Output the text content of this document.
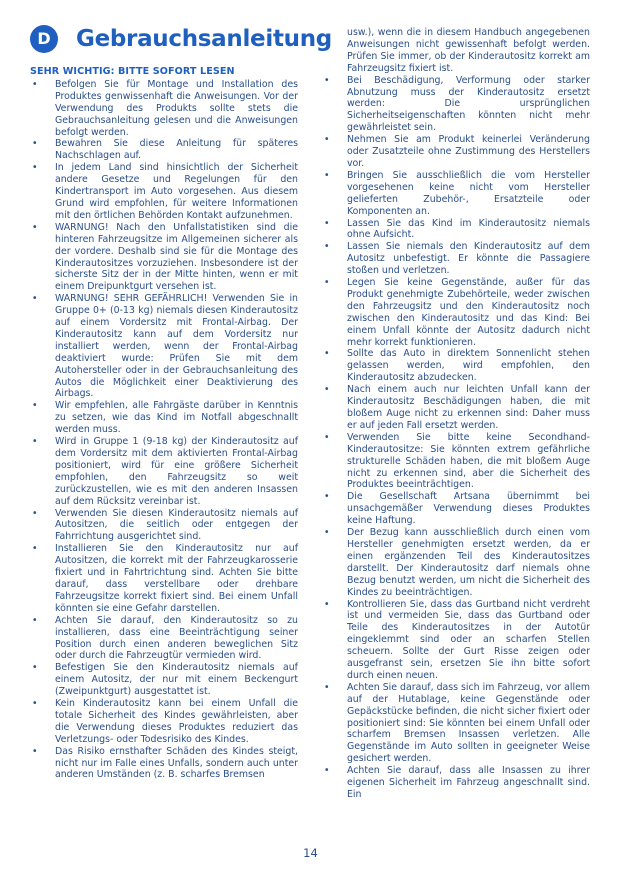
D	Gebrauchsanleitung
SEHR WICHTIG: BITTE SOFORT LESEN
• Befolgen Sie für Montage und Installation des Produktes genwissenhaft die Anweisungen. Vor der Verwendung des Produkts sollte stets die Gebrauchsanleitung gelesen und die Anweisungen befolgt werden.
• Bewahren Sie diese Anleitung für späteres Nachschlagen auf.
• In jedem Land sind hinsichtlich der Sicherheit andere Gesetze und Regelungen für den Kindertransport im Auto vorgesehen. Aus diesem Grund wird empfohlen, für weitere Informationen mit den örtlichen Behörden Kontakt aufzunehmen.
• WARNUNG! Nach den Unfallstatistiken sind die hinteren Fahrzeugsitze im Allgemeinen sicherer als der vordere. Deshalb sind sie für die Montage des Kinderautositzes vorzuziehen. Insbesondere ist der sicherste Sitz der in der Mitte hinten, wenn er mit einem Dreipunktgurt versehen ist.
• WARNUNG! SEHR GEFÄHRLICH! Verwenden Sie in Gruppe 0+ (0-13 kg) niemals diesen Kinderautositz auf einem Vordersitz mit Frontal-Airbag. Der Kinderautositz kann auf dem Vordersitz nur installiert werden, wenn der Frontal-Airbag deaktiviert wurde: Prüfen Sie mit dem Autohersteller oder in der Gebrauchsanleitung des Autos die Möglichkeit einer Deaktivierung des Airbags.
• Wir empfehlen, alle Fahrgäste darüber in Kenntnis zu setzen, wie das Kind im Notfall abgeschnallt werden muss.
• Wird in Gruppe 1 (9-18 kg) der Kinderautositz auf dem Vordersitz mit dem aktivierten Frontal-Airbag positioniert, wird für eine größere Sicherheit empfohlen, den Fahrzeugsitz so weit zurückzustellen, wie es mit den anderen Insassen auf dem Rücksitz vereinbar ist.
• Verwenden Sie diesen Kinderautositz niemals auf Autositzen, die seitlich oder entgegen der Fahrrichtung ausgerichtet sind.
• Installieren Sie den Kinderautositz nur auf Autositzen, die korrekt mit der Fahrzeugkarosserie fixiert und in Fahrtrichtung sind. Achten Sie bitte darauf, dass verstellbare oder drehbare Fahrzeugsitze korrekt fixiert sind. Bei einem Unfall könnten sie eine Gefahr darstellen.
• Achten Sie darauf, den Kinderautositz so zu installieren, dass eine Beeinträchtigung seiner Position durch einen anderen beweglichen Sitz oder durch die Fahrzeugtür vermieden wird.
• Befestigen Sie den Kinderautositz niemals auf einem Autositz, der nur mit einem Beckengurt (Zweipunktgurt) ausgestattet ist.
• Kein Kinderautositz kann bei einem Unfall die totale Sicherheit des Kindes gewährleisten, aber die Verwendung dieses Produktes reduziert das Verletzungs- oder Todesrisiko des Kindes.
• Das Risiko ernsthafter Schäden des Kindes steigt, nicht nur im Falle eines Unfalls, sondern auch unter anderen Umständen (z. B. scharfes Bremsen
usw.), wenn die in diesem Handbuch angegebenen Anweisungen nicht gewissenhaft befolgt werden. Prüfen Sie immer, ob der Kinderautositz korrekt am Fahrzeugsitz fixiert ist.
• Bei Beschädigung, Verformung oder starker Abnutzung muss der Kinderautositz ersetzt werden: Die ursprünglichen Sicherheitseigenschaften könnten nicht mehr gewährleistet sein.
• Nehmen Sie am Produkt keinerlei Veränderung oder Zusatzteile ohne Zustimmung des Herstellers vor.
• Bringen Sie ausschließlich die vom Hersteller vorgesehenen keine nicht vom Hersteller gelieferten Zubehör-, Ersatzteile oder Komponenten an.
• Lassen Sie das Kind im Kinderautositz niemals ohne Aufsicht.
• Lassen Sie niemals den Kinderautositz auf dem Autositz unbefestigt. Er könnte die Passagiere stoßen und verletzen.
• Legen Sie keine Gegenstände, außer für das Produkt genehmigte Zubehörteile, weder zwischen den Fahrzeugsitz und den Kinderautositz noch zwischen den Kinderautositz und das Kind: Bei einem Unfall könnte der Autositz dadurch nicht mehr korrekt funktionieren.
• Sollte das Auto in direktem Sonnenlicht stehen gelassen werden, wird empfohlen, den Kinderautositz abzudecken.
• Nach einem auch nur leichten Unfall kann der Kinderautositz Beschädigungen haben, die mit bloßem Auge nicht zu erkennen sind: Daher muss er auf jeden Fall ersetzt werden.
• Verwenden Sie bitte keine Secondhand-Kinderautositze: Sie könnten extrem gefährliche strukturelle Schäden haben, die mit bloßem Auge nicht zu erkennen sind, aber die Sicherheit des Produktes beeinträchtigen.
• Die Gesellschaft Artsana übernimmt bei unsachgemäßer Verwendung dieses Produktes keine Haftung.
• Der Bezug kann ausschließlich durch einen vom Hersteller genehmigten ersetzt werden, da er einen ergänzenden Teil des Kinderautositzes darstellt. Der Kinderautositz darf niemals ohne Bezug benutzt werden, um nicht die Sicherheit des Kindes zu beeinträchtigen.
• Kontrollieren Sie, dass das Gurtband nicht verdreht ist und vermeiden Sie, dass das Gurtband oder Teile des Kinderautositzes in der Autotür eingeklemmt sind oder an scharfen Stellen scheuern. Sollte der Gurt Risse zeigen oder ausgefranst sein, ersetzen Sie ihn bitte sofort durch einen neuen.
• Achten Sie darauf, dass sich im Fahrzeug, vor allem auf der Hutablage, keine Gegenstände oder Gepäckstücke befinden, die nicht sicher fixiert oder positioniert sind: Sie könnten bei einem Unfall oder scharfem Bremsen Insassen verletzen. Alle Gegenstände im Auto sollten in geeigneter Weise gesichert werden.
• Achten Sie darauf, dass alle Insassen zu ihrer eigenen Sicherheit im Fahrzeug angeschnallt sind. Ein
14
